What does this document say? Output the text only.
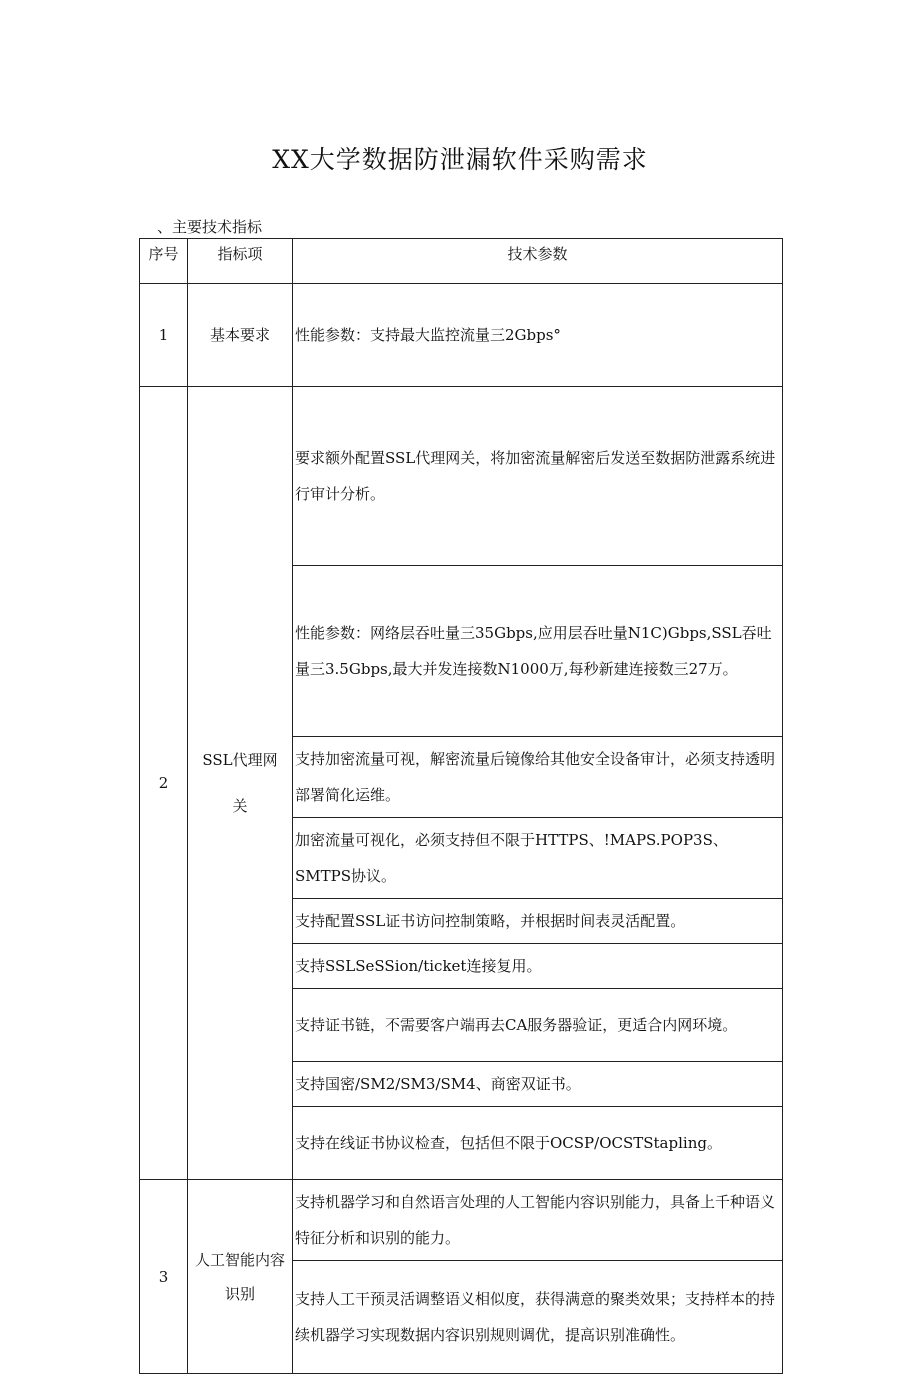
XX大学数据防泄漏软件采购需求
、主要技术指标
序号	指标项	技术参数
1	基本要求	性能参数：支持最大监控流量三2Gbps°
2	SSL代理网关	要求额外配置SSL代理网关，将加密流量解密后发送至数据防泄露系统进行审计分析。
		性能参数：网络层吞吐量三35Gbps,应用层吞吐量N1C)Gbps,SSL吞吐量三3.5Gbps,最大并发连接数N1000万,每秒新建连接数三27万。
		支持加密流量可视，解密流量后镜像给其他安全设备审计，必须支持透明部署简化运维。
		加密流量可视化，必须支持但不限于HTTPS、!MAPS.POP3S、SMTPS协议。
		支持配置SSL证书访问控制策略，并根据时间表灵活配置。
		支持SSLSeSSion/ticket连接复用。
		支持证书链，不需要客户端再去CA服务器验证，更适合内网环境。
		支持国密/SM2/SM3/SM4、商密双证书。
		支持在线证书协议检查，包括但不限于OCSP/OCSTStapling。
3	人工智能内容识别	支持机器学习和自然语言处理的人工智能内容识别能力，具备上千种语义特征分析和识别的能力。
		支持人工干预灵活调整语义相似度，获得满意的聚类效果；支持样本的持续机器学习实现数据内容识别规则调优，提高识别准确性。
